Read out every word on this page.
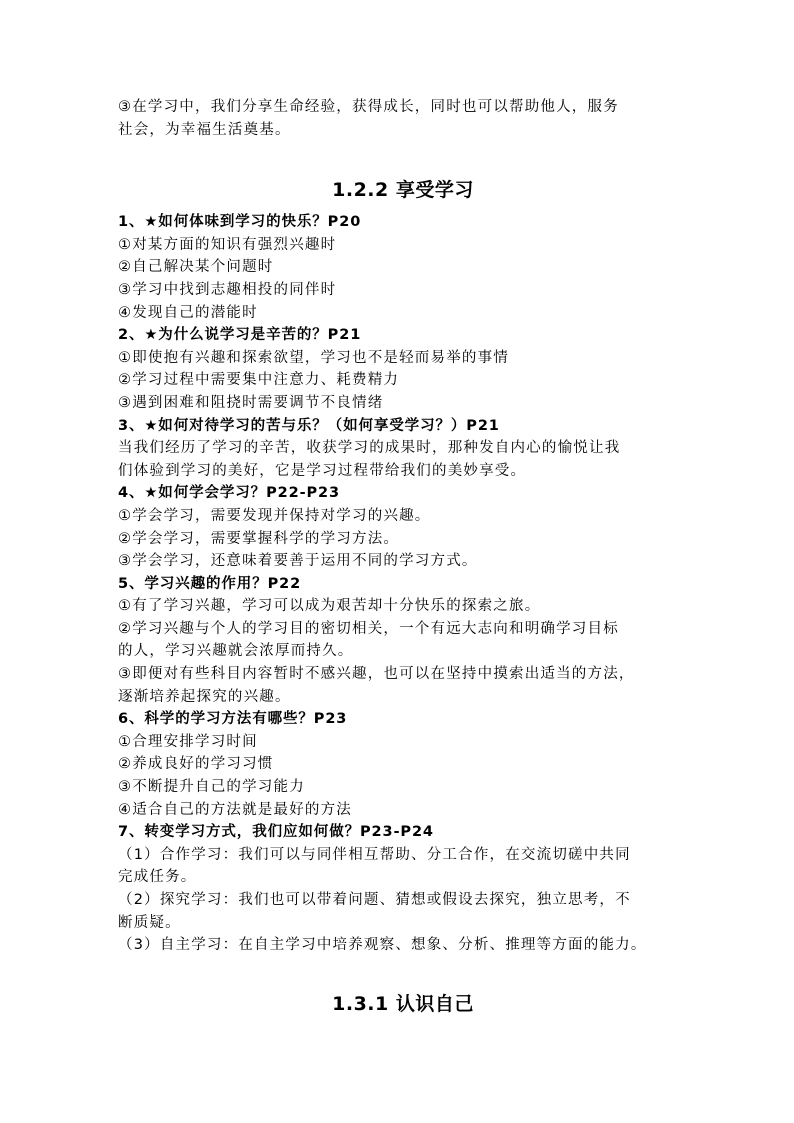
③在学习中，我们分享生命经验，获得成长，同时也可以帮助他人，服务
社会，为幸福生活奠基。
1.2.2 享受学习
1、★如何体味到学习的快乐？P20
①对某方面的知识有强烈兴趣时
②自己解决某个问题时
③学习中找到志趣相投的同伴时
④发现自己的潜能时
2、★为什么说学习是辛苦的？P21
①即使抱有兴趣和探索欲望，学习也不是轻而易举的事情
②学习过程中需要集中注意力、耗费精力
③遇到困难和阻挠时需要调节不良情绪
3、★如何对待学习的苦与乐？（如何享受学习？）P21
当我们经历了学习的辛苦，收获学习的成果时，那种发自内心的愉悦让我
们体验到学习的美好，它是学习过程带给我们的美妙享受。
4、★如何学会学习？P22-P23
①学会学习，需要发现并保持对学习的兴趣。
②学会学习，需要掌握科学的学习方法。
③学会学习，还意味着要善于运用不同的学习方式。
5、学习兴趣的作用？P22
①有了学习兴趣，学习可以成为艰苦却十分快乐的探索之旅。
②学习兴趣与个人的学习目的密切相关，一个有远大志向和明确学习目标
的人，学习兴趣就会浓厚而持久。
③即便对有些科目内容暂时不感兴趣，也可以在坚持中摸索出适当的方法，
逐渐培养起探究的兴趣。
6、科学的学习方法有哪些？P23
①合理安排学习时间
②养成良好的学习习惯
③不断提升自己的学习能力
④适合自己的方法就是最好的方法
7、转变学习方式，我们应如何做？P23-P24
（1）合作学习：我们可以与同伴相互帮助、分工合作，在交流切磋中共同
完成任务。
（2）探究学习：我们也可以带着问题、猜想或假设去探究，独立思考，不
断质疑。
（3）自主学习：在自主学习中培养观察、想象、分析、推理等方面的能力。
1.3.1 认识自己
